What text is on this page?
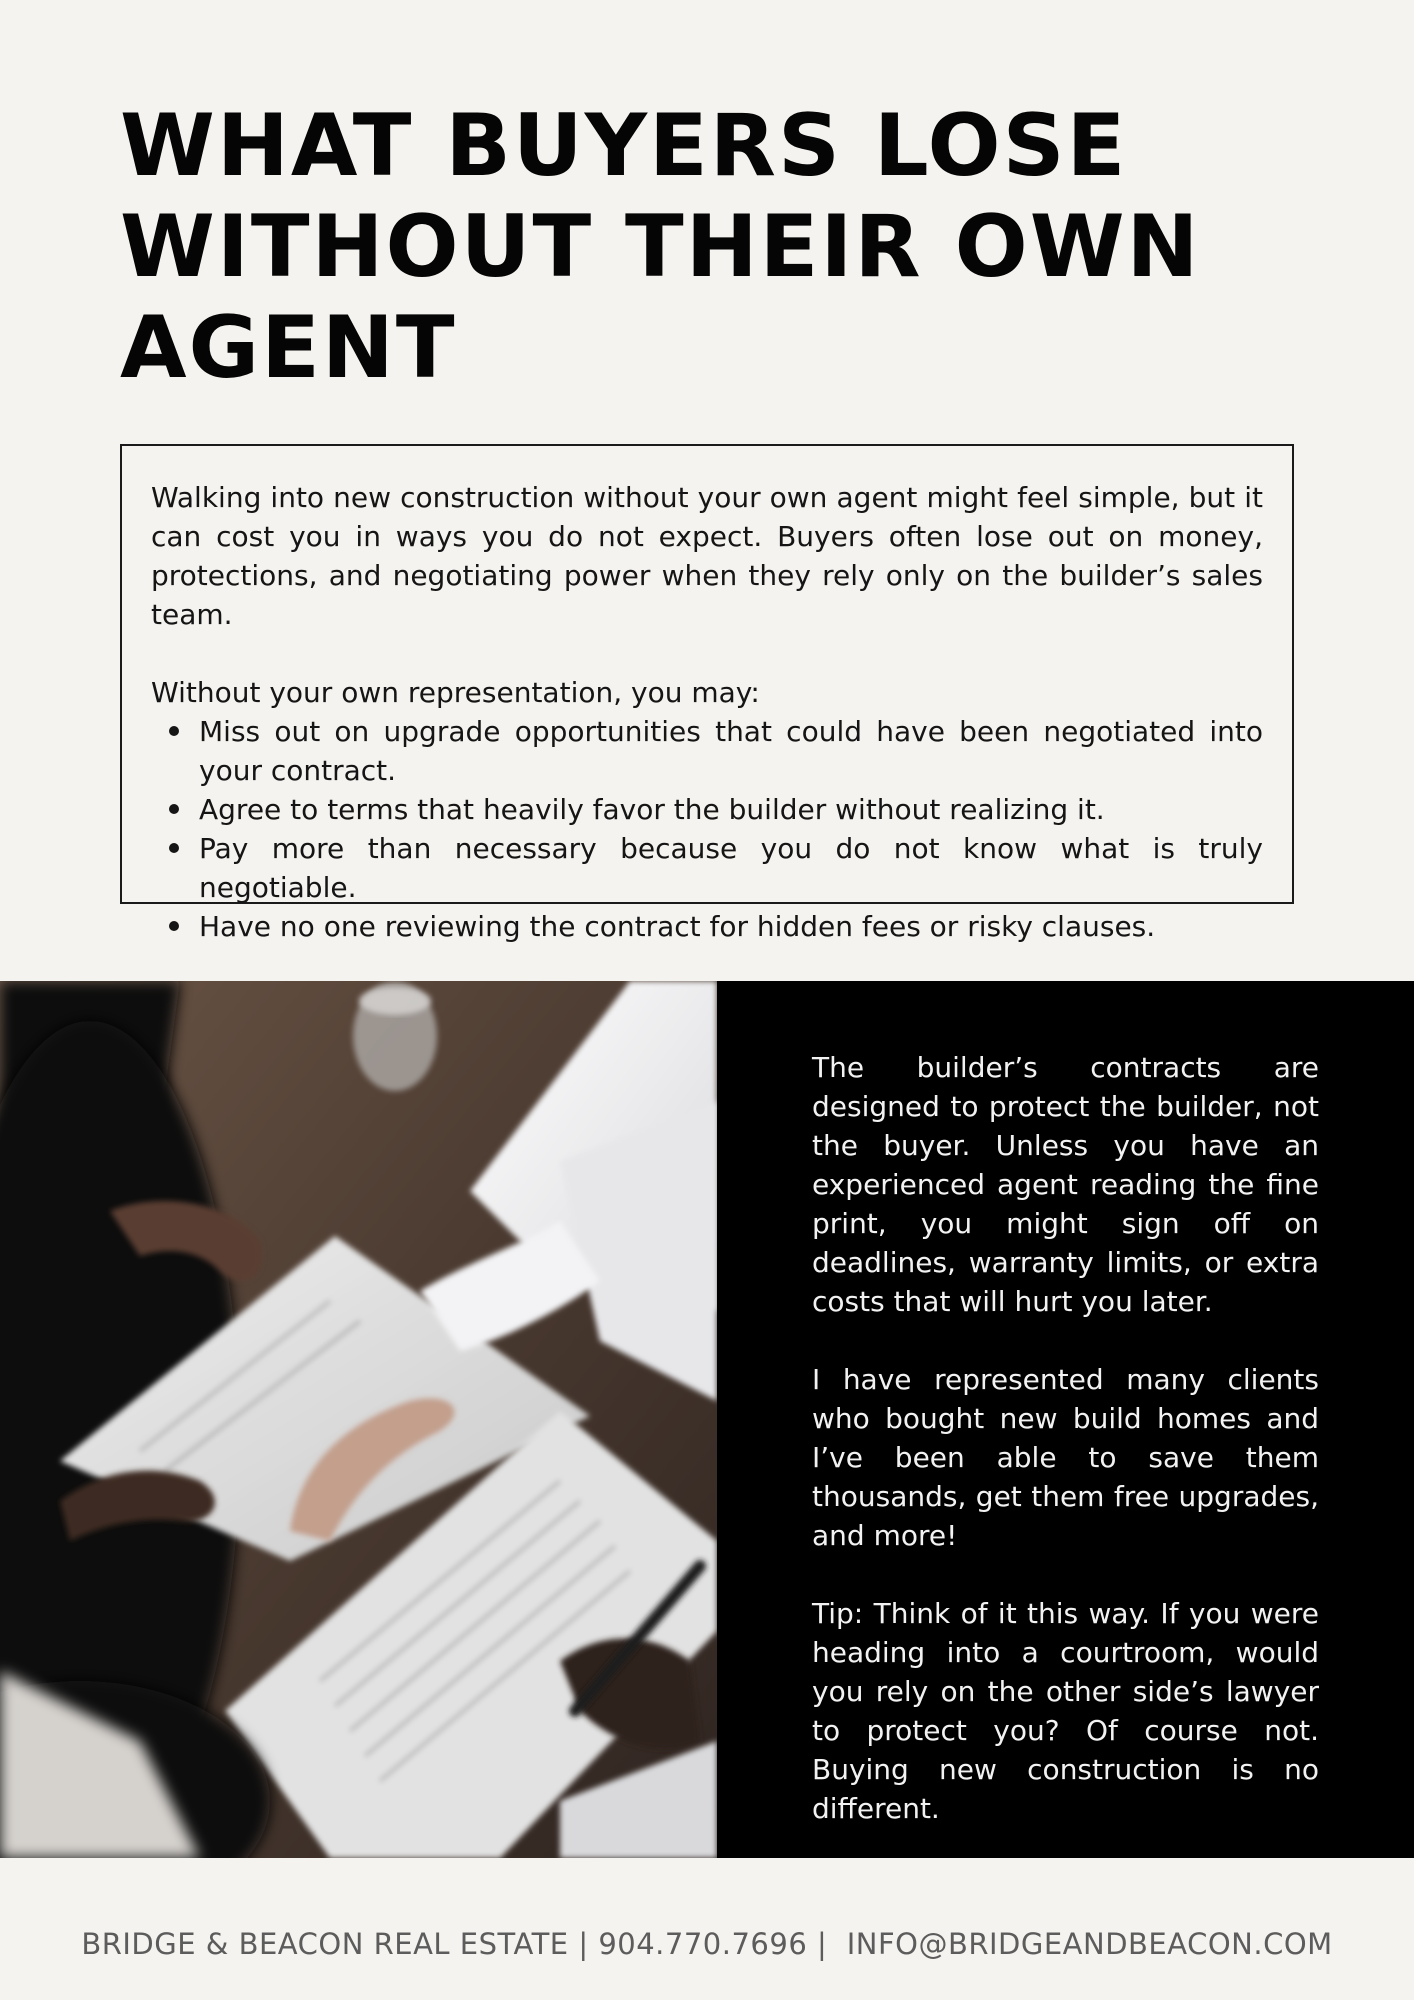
WHAT BUYERS LOSE WITHOUT THEIR OWN AGENT

Walking into new construction without your own agent might feel simple, but it can cost you in ways you do not expect. Buyers often lose out on money, protections, and negotiating power when they rely only on the builder’s sales team.

Without your own representation, you may:

Miss out on upgrade opportunities that could have been negotiated into your contract.
Agree to terms that heavily favor the builder without realizing it.
Pay more than necessary because you do not know what is truly negotiable.
Have no one reviewing the contract for hidden fees or risky clauses.

The builder’s contracts are designed to protect the builder, not the buyer. Unless you have an experienced agent reading the fine print, you might sign off on deadlines, warranty limits, or extra costs that will hurt you later.

I have represented many clients who bought new build homes and I’ve been able to save them thousands, get them free upgrades, and more!

Tip: Think of it this way. If you were heading into a courtroom, would you rely on the other side’s lawyer to protect you? Of course not. Buying new construction is no different.

BRIDGE & BEACON REAL ESTATE | 904.770.7696 |  INFO@BRIDGEANDBEACON.COM
